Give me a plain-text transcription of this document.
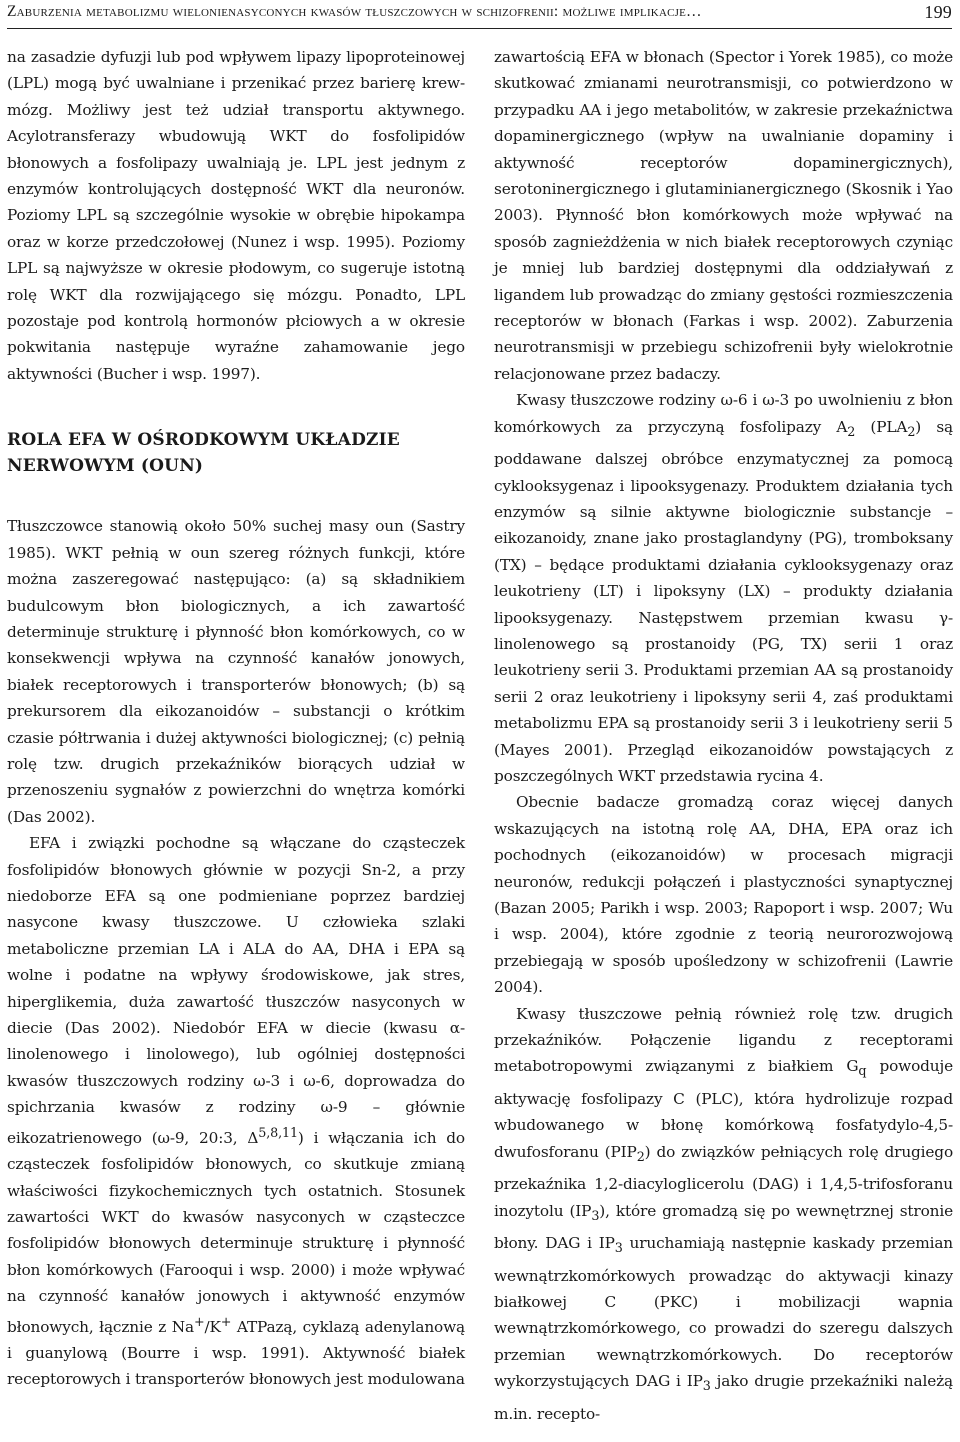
Zaburzenia metabolizmu wielonienasyconych kwasów tłuszczowych w schizofrenii: możliwe implikacje…	199

na zasadzie dyfuzji lub pod wpływem lipazy lipoproteinowej (LPL) mogą być uwalniane i przenikać przez barierę krew-mózg. Możliwy jest też udział transportu aktywnego. Acylotransferazy wbudowują WKT do fosfolipidów błonowych a fosfolipazy uwalniają je. LPL jest jednym z enzymów kontrolujących dostępność WKT dla neuronów. Poziomy LPL są szczególnie wysokie w obrębie hipokampa oraz w korze przedczołowej (Nunez i wsp. 1995). Poziomy LPL są najwyższe w okresie płodowym, co sugeruje istotną rolę WKT dla rozwijającego się mózgu. Ponadto, LPL pozostaje pod kontrolą hormonów płciowych a w okresie pokwitania następuje wyraźne zahamowanie jego aktywności (Bucher i wsp. 1997).

ROLA EFA W OŚRODKOWYM UKŁADZIE
NERWOWYM (OUN)

Tłuszczowce stanowią około 50% suchej masy oun (Sastry 1985). WKT pełnią w oun szereg różnych funkcji, które można zaszeregować następująco: (a) są składnikiem budulcowym błon biologicznych, a ich zawartość determinuje strukturę i płynność błon komórkowych, co w konsekwencji wpływa na czynność kanałów jonowych, białek receptorowych i transporterów błonowych; (b) są prekursorem dla eikozanoidów – substancji o krótkim czasie półtrwania i dużej aktywności biologicznej; (c) pełnią rolę tzw. drugich przekaźników biorących udział w przenoszeniu sygnałów z powierzchni do wnętrza komórki (Das 2002).

EFA i związki pochodne są włączane do cząsteczek fosfolipidów błonowych głównie w pozycji Sn-2, a przy niedoborze EFA są one podmieniane poprzez bardziej nasycone kwasy tłuszczowe. U człowieka szlaki metaboliczne przemian LA i ALA do AA, DHA i EPA są wolne i podatne na wpływy środowiskowe, jak stres, hiperglikemia, duża zawartość tłuszczów nasyconych w diecie (Das 2002). Niedobór EFA w diecie (kwasu α-linolenowego i linolowego), lub ogólniej dostępności kwasów tłuszczowych rodziny ω-3 i ω-6, doprowadza do spichrzania kwasów z rodziny ω-9 – głównie eikozatrienowego (ω-9, 20:3, Δ$^{5,8,11}$) i włączania ich do cząsteczek fosfolipidów błonowych, co skutkuje zmianą właściwości fizykochemicznych tych ostatnich. Stosunek zawartości WKT do kwasów nasyconych w cząsteczce fosfolipidów błonowych determinuje strukturę i płynność błon komórkowych (Farooqui i wsp. 2000) i może wpływać na czynność kanałów jonowych i aktywność enzymów błonowych, łącznie z Na+/K+ ATPazą, cyklazą adenylanową i guanylową (Bourre i wsp. 1991). Aktywność białek receptorowych i transporterów błonowych jest modulowana

zawartością EFA w błonach (Spector i Yorek 1985), co może skutkować zmianami neurotransmisji, co potwierdzono w przypadku AA i jego metabolitów, w zakresie przekaźnictwa dopaminergicznego (wpływ na uwalnianie dopaminy i aktywność receptorów dopaminergicznych), serotoninergicznego i glutaminianergicznego (Skosnik i Yao 2003). Płynność błon komórkowych może wpływać na sposób zagnieżdżenia w nich białek receptorowych czyniąc je mniej lub bardziej dostępnymi dla oddziaływań z ligandem lub prowadząc do zmiany gęstości rozmieszczenia receptorów w błonach (Farkas i wsp. 2002). Zaburzenia neurotransmisji w przebiegu schizofrenii były wielokrotnie relacjonowane przez badaczy.

Kwasy tłuszczowe rodziny ω-6 i ω-3 po uwolnieniu z błon komórkowych za przyczyną fosfolipazy $A_2$ $(PLA_2)$ są poddawane dalszej obróbce enzymatycznej za pomocą cyklooksygenaz i lipooksygenazy. Produktem działania tych enzymów są silnie aktywne biologicznie substancje – eikozanoidy, znane jako prostaglandyny (PG), tromboksany (TX) – będące produktami działania cyklooksygenazy oraz leukotrieny (LT) i lipoksyny (LX) – produkty działania lipooksygenazy. Następstwem przemian kwasu γ-linolenowego są prostanoidy (PG, TX) serii 1 oraz leukotrieny serii 3. Produktami przemian AA są prostanoidy serii 2 oraz leukotrieny i lipoksyny serii 4, zaś produktami metabolizmu EPA są prostanoidy serii 3 i leukotrieny serii 5 (Mayes 2001). Przegląd eikozanoidów powstających z poszczególnych WKT przedstawia rycina 4.

Obecnie badacze gromadzą coraz więcej danych wskazujących na istotną rolę AA, DHA, EPA oraz ich pochodnych (eikozanoidów) w procesach migracji neuronów, redukcji połączeń i plastyczności synaptycznej (Bazan 2005; Parikh i wsp. 2003; Rapoport i wsp. 2007; Wu i wsp. 2004), które zgodnie z teorią neurorozwojową przebiegają w sposób upośledzony w schizofrenii (Lawrie 2004).

Kwasy tłuszczowe pełnią również rolę tzw. drugich przekaźników. Połączenie ligandu z receptorami metabotropowymi związanymi z białkiem $G_q$ powoduje aktywację fosfolipazy C (PLC), która hydrolizuje rozpad wbudowanego w błonę komórkową fosfatydylo-4,5-dwufosforanu $(PIP_2)$ do związków pełniących rolę drugiego przekaźnika 1,2-diacyloglicerolu (DAG) i 1,4,5-trifosforanu inozytolu $(IP_3)$, które gromadzą się po wewnętrznej stronie błony. DAG i $IP_3$ uruchamiają następnie kaskady przemian wewnątrzkomórkowych prowadząc do aktywacji kinazy białkowej C (PKC) i mobilizacji wapnia wewnątrzkomórkowego, co prowadzi do szeregu dalszych przemian wewnątrzkomórkowych. Do receptorów wykorzystujących DAG i $IP_3$ jako drugie przekaźniki należą m.in. recepto-
